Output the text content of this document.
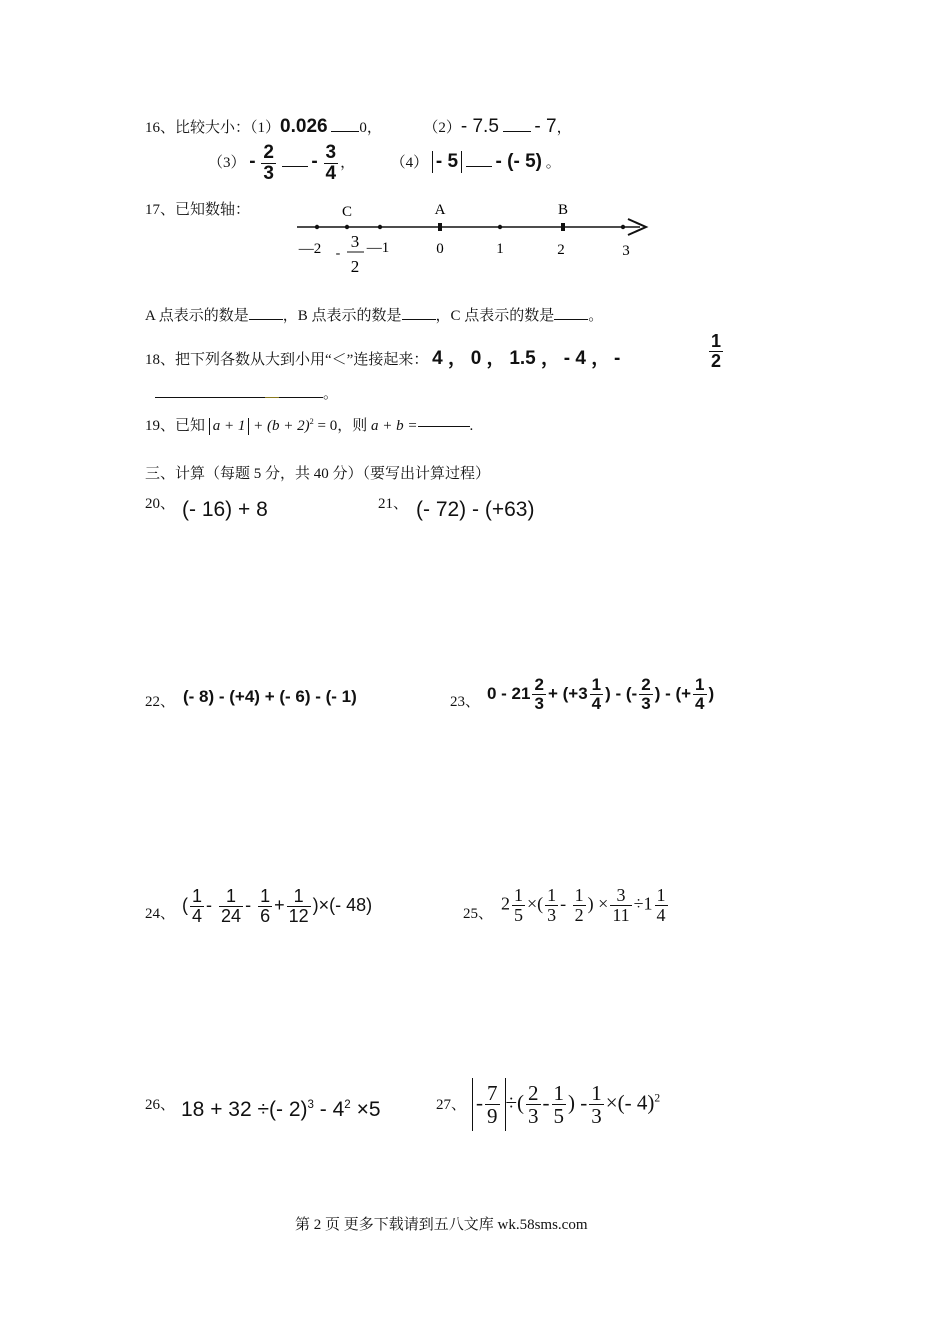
16、比较大小：（1）0.026 0，	（2）- 7.5 - 7，
$(3) - \frac{2}{3} - \frac{3}{4}$ ， （4） - 5 - (- 5) 。
17、已知数轴：	C	A	B
—2	—1	0	1	2	3
-
3
2
A 点表示的数是 ，B 点表示的数是 ，C 点表示的数是 。
18、把下列各数从大到小用“＜”连接起来： 4 ， 0 ， 1.5 ， - 4 ， -	$\frac{1}{2}$
。
19、已知 $a + 1 + (b + 2)^2 = 0$，则 a + b =	.
三、计算（每题 5 分，共 40 分）（要写出计算过程）
20、 (- 16) + 8	21、 (- 72) - (+63)
22、 (- 8) - (+4) + (- 6) - (- 1)	23、 $0 - 21 \frac{2}{3} + (+3 \frac{1}{4}$ ) - (- $\frac{2}{3}$ ) - (+ $\frac{1}{4}$ )
24、 ( $\frac{1}{4} - \frac{1}{24} - \frac{1}{6} + \frac{1}{12}$ )×(- 48)	25、
$2 \frac{1}{5}$ ×( $\frac{1}{3} - \frac{1}{2}$ ) × $\frac{3}{11} \div 1 \frac{1}{4}$
26、 18 + 32 ÷(- $2)^3 - 4^2 \times 5$	27、 - $\frac{7}{9}$ ÷( $\frac{2}{3} - \frac{1}{5}$ ) - $\frac{1}{3}$ ×(- 4)$^2$
第 2 页 更多下载请到五八文库 wk.58sms.com
